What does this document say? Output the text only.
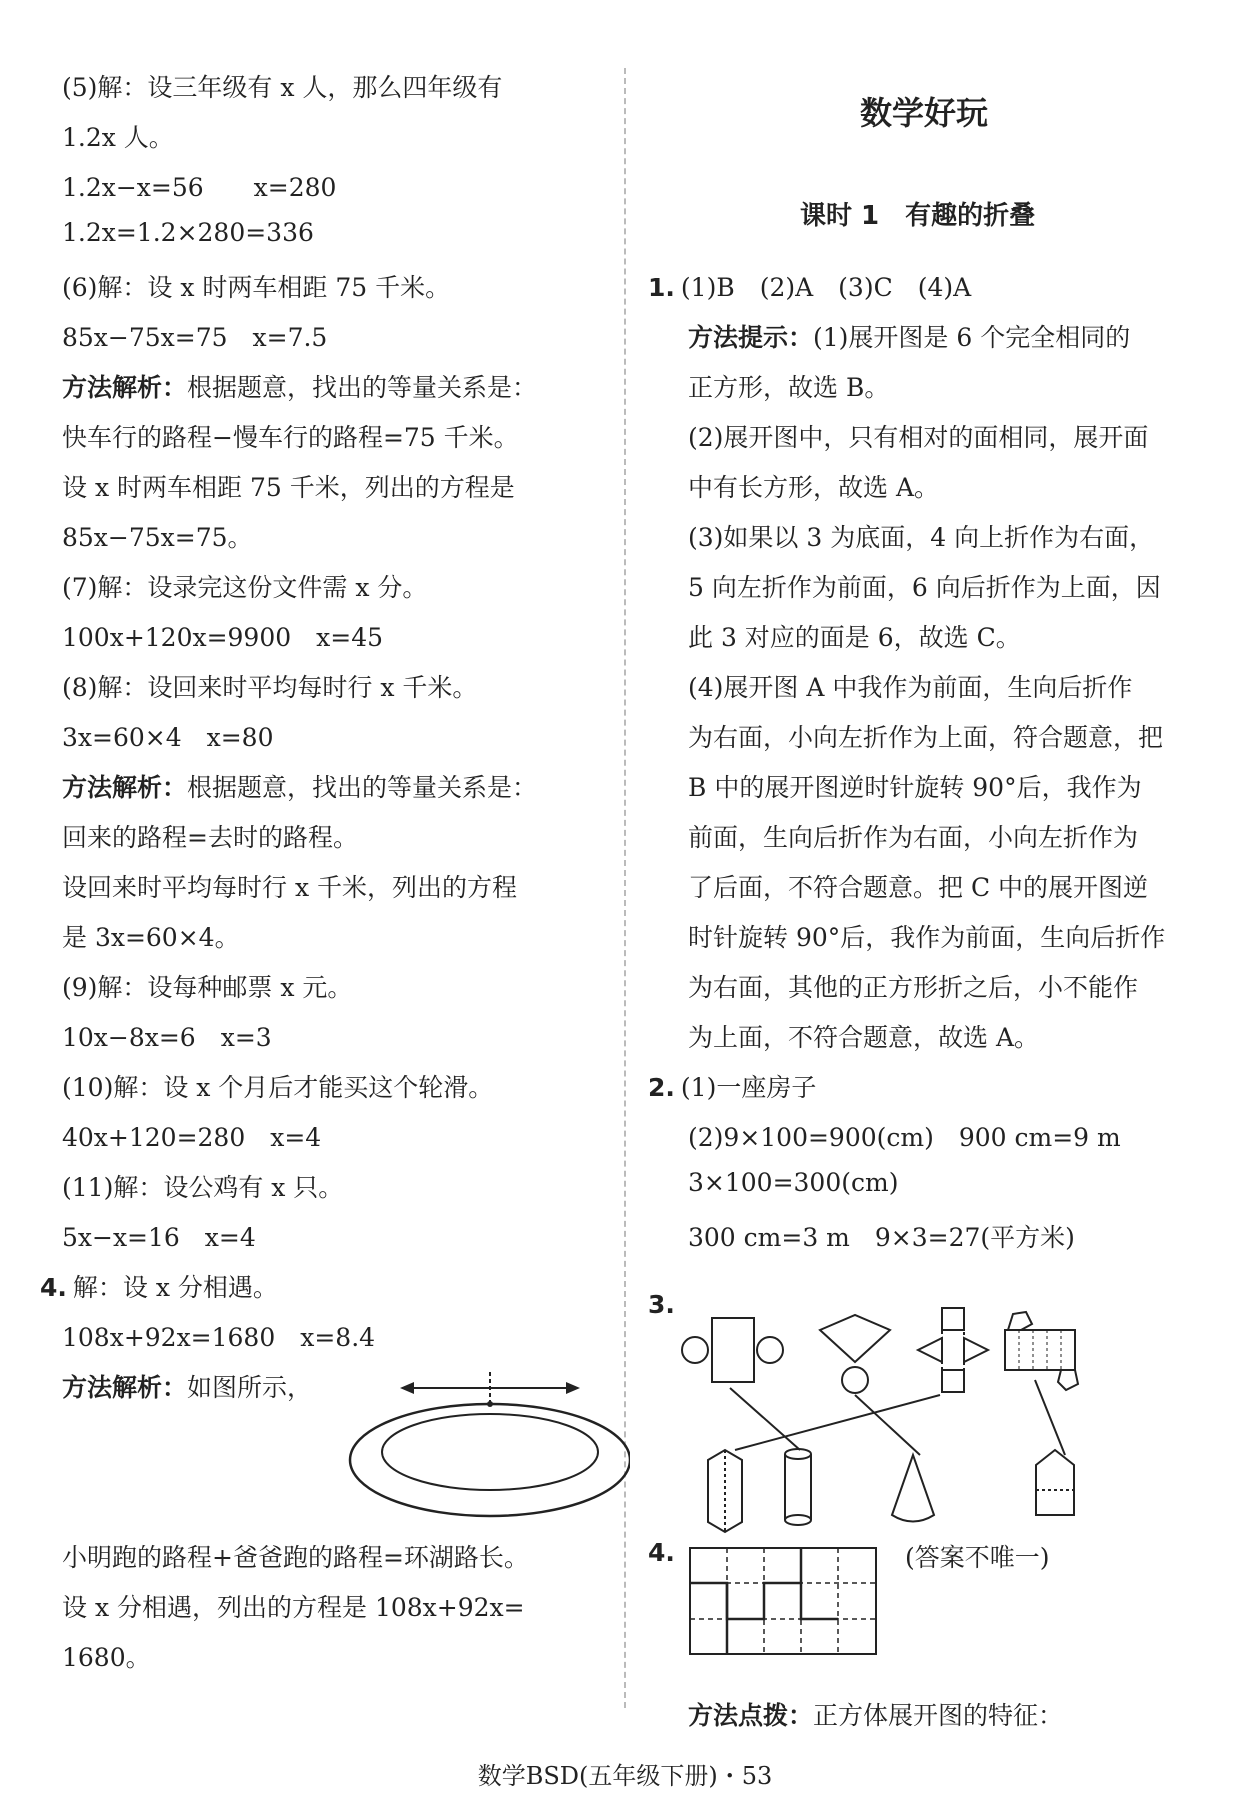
(5)解：设三年级有 x 人，那么四年级有
1.2x 人。
1.2x−x=56　　x=280
1.2x=1.2×280=336
(6)解：设 x 时两车相距 75 千米。
85x−75x=75　x=7.5
方法解析：根据题意，找出的等量关系是：
快车行的路程−慢车行的路程=75 千米。
设 x 时两车相距 75 千米，列出的方程是
85x−75x=75。
(7)解：设录完这份文件需 x 分。
100x+120x=9900　x=45
(8)解：设回来时平均每时行 x 千米。
3x=60×4　x=80
方法解析：根据题意，找出的等量关系是：
回来的路程=去时的路程。
设回来时平均每时行 x 千米，列出的方程
是 3x=60×4。
(9)解：设每种邮票 x 元。
10x−8x=6　x=3
(10)解：设 x 个月后才能买这个轮滑。
40x+120=280　x=4
(11)解：设公鸡有 x 只。
5x−x=16　x=4
4. 解：设 x 分相遇。
108x+92x=1680　x=8.4
方法解析：如图所示，
小明跑的路程+爸爸跑的路程=环湖路长。
设 x 分相遇，列出的方程是 108x+92x=
1680。
数学好玩
课时 1　有趣的折叠
(答案不唯一)
1. (1)B　(2)A　(3)C　(4)A
方法提示：(1)展开图是 6 个完全相同的
正方形，故选 B。
(2)展开图中，只有相对的面相同，展开面
中有长方形，故选 A。
(3)如果以 3 为底面，4 向上折作为右面，
5 向左折作为前面，6 向后折作为上面，因
此 3 对应的面是 6，故选 C。
(4)展开图 A 中我作为前面，生向后折作
为右面，小向左折作为上面，符合题意，把
B 中的展开图逆时针旋转 90°后，我作为
前面，生向后折作为右面，小向左折作为
了后面，不符合题意。把 C 中的展开图逆
时针旋转 90°后，我作为前面，生向后折作
为右面，其他的正方形折之后，小不能作
为上面，不符合题意，故选 A。
2. (1)一座房子
(2)9×100=900(cm)　900 cm=9 m
3×100=300(cm)
300 cm=3 m　9×3=27(平方米)
3.
4.
方法点拨：正方体展开图的特征：
数学BSD(五年级下册)・53
